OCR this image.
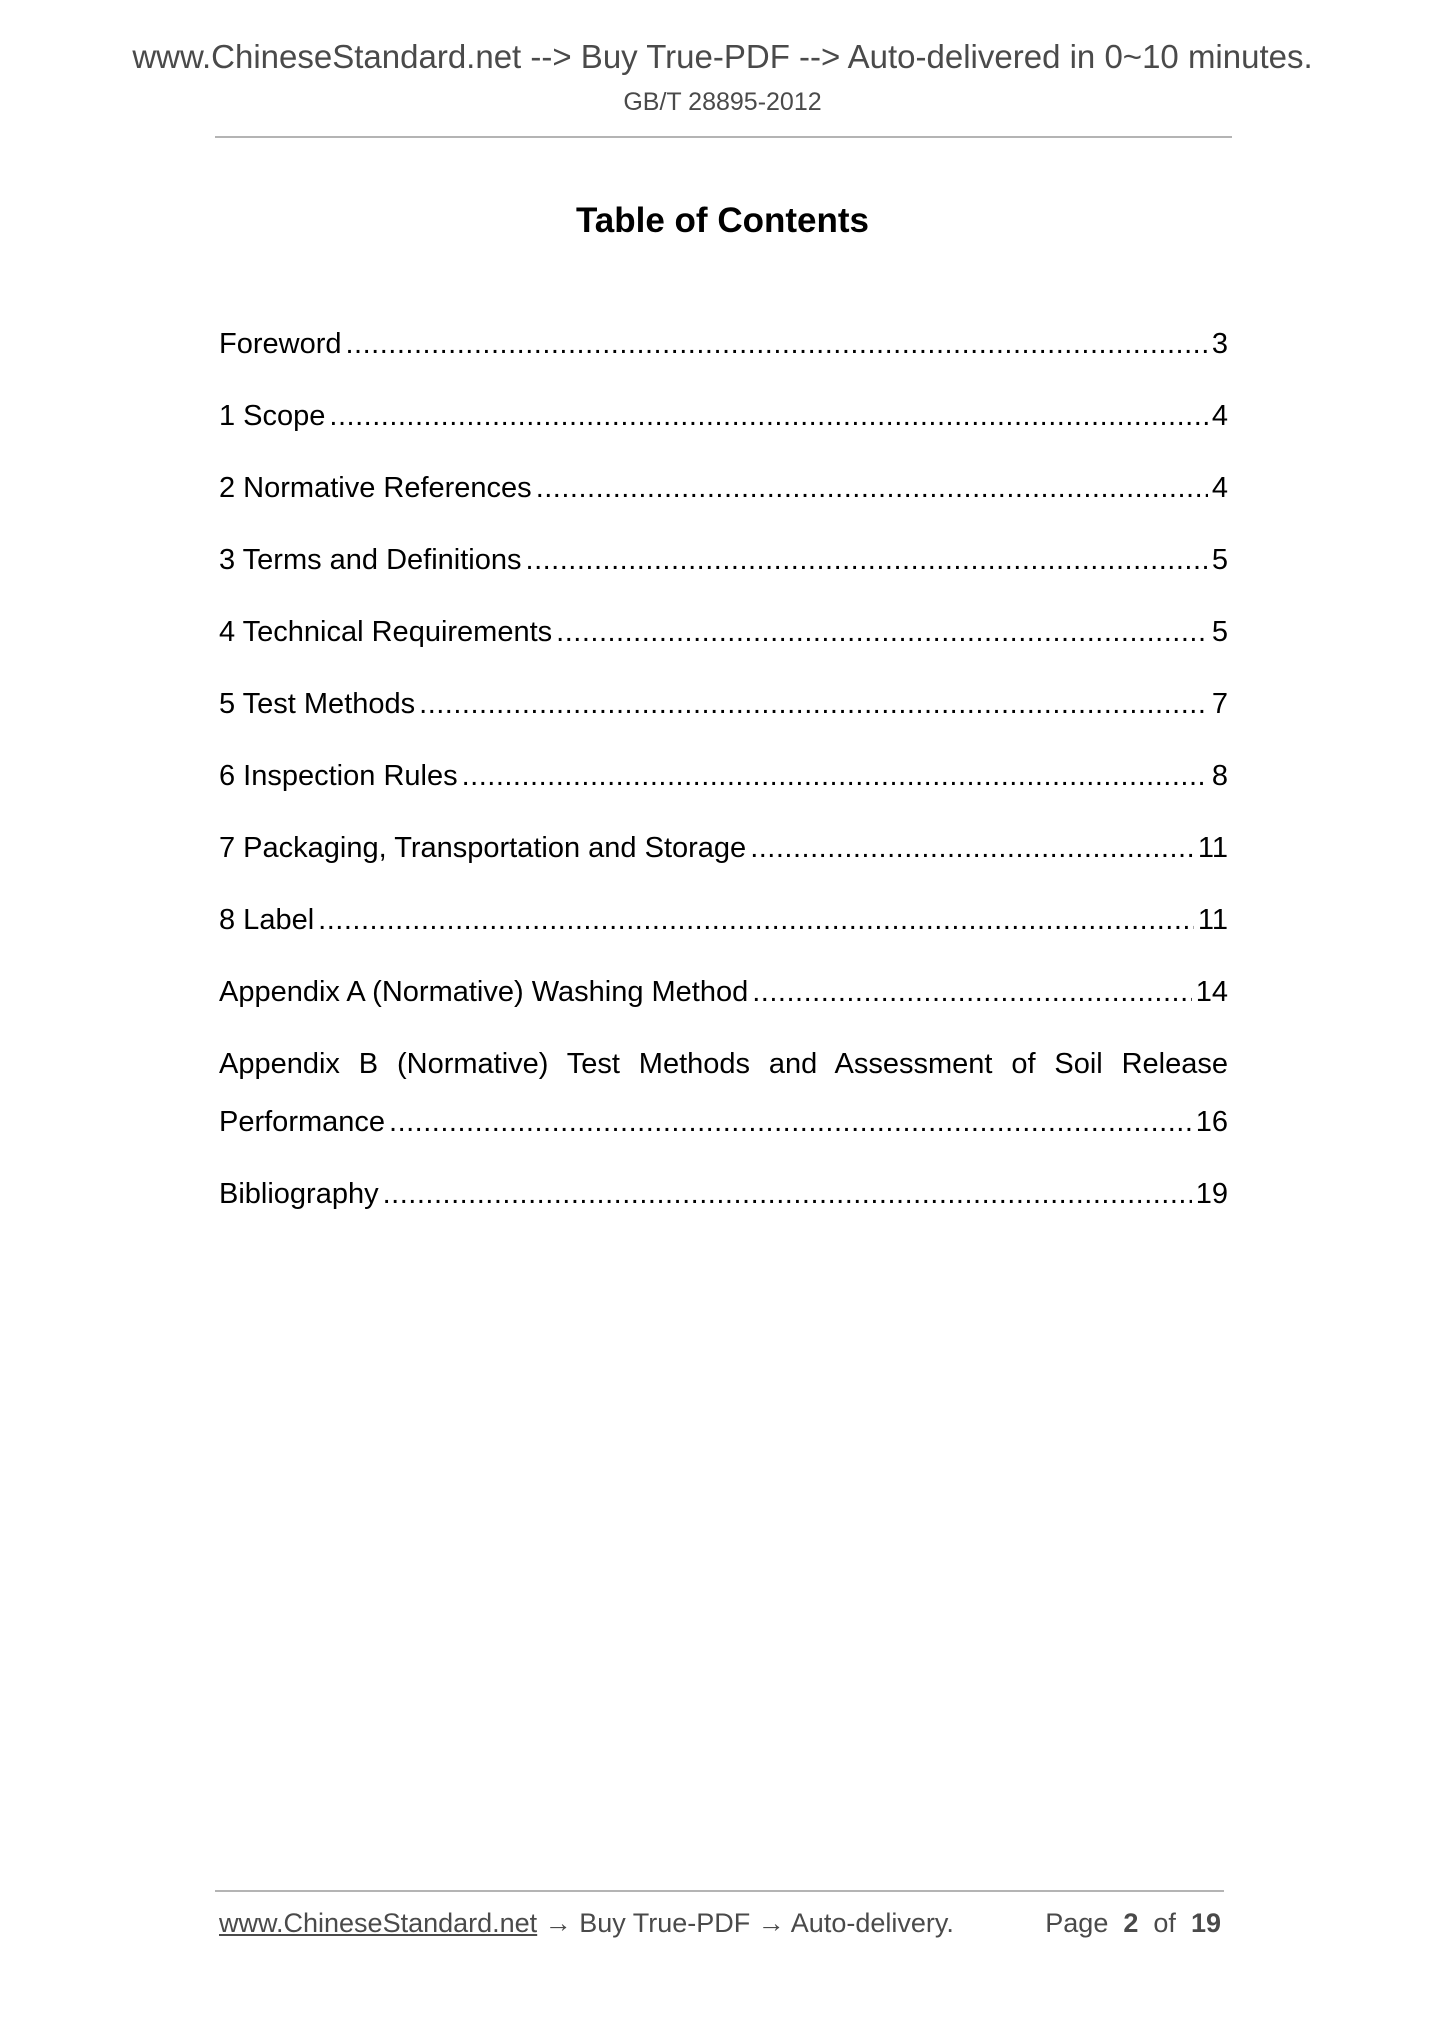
www.ChineseStandard.net --> Buy True-PDF --> Auto-delivered in 0~10 minutes.
GB/T 28895-2012
Table of Contents
Foreword .....	3
1 Scope .....	4
2 Normative References .....	4
3 Terms and Definitions .....	5
4 Technical Requirements .....	5
5 Test Methods .....	7
6 Inspection Rules .....	8
7 Packaging, Transportation and Storage .....	11
8 Label .....	11
Appendix A (Normative) Washing Method .....	14
Appendix B (Normative) Test Methods and Assessment of Soil Release
Performance .....	16
Bibliography .....	19
www.ChineseStandard.net → Buy True-PDF → Auto-delivery.	Page 2 of 19
